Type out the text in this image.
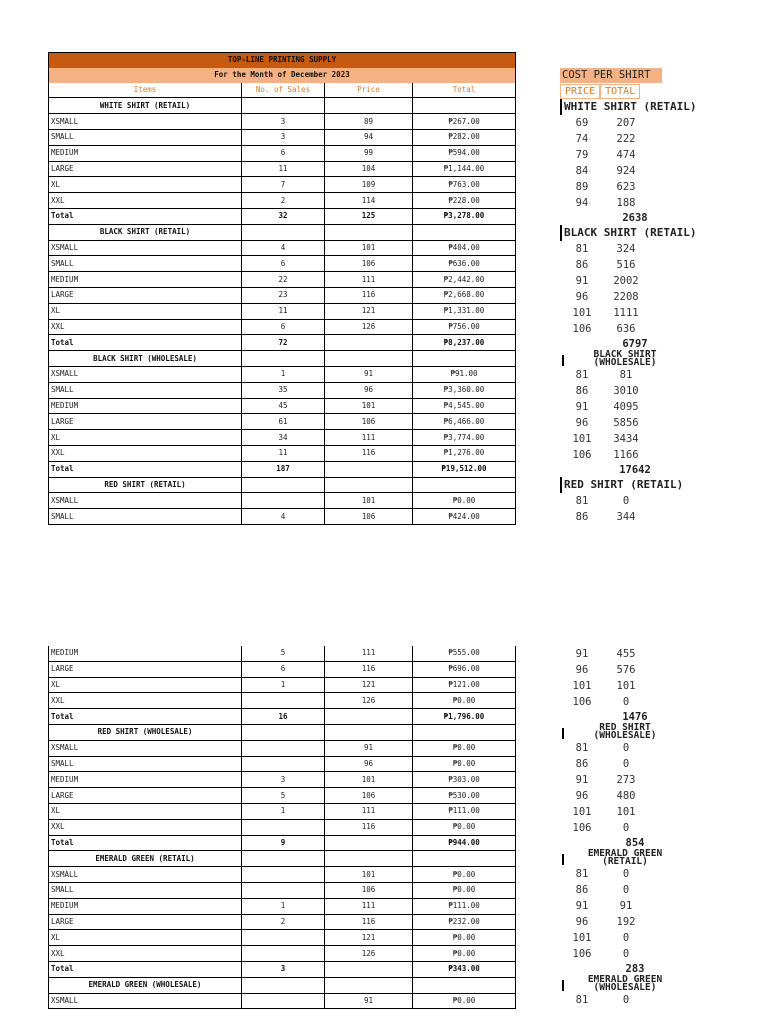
TOP-LINE PRINTING SUPPLY			
For the Month of December 2023			
Items	No. of Sales	Price	Total
WHITE SHIRT (RETAIL)			
XSMALL	3	89	₱267.00
SMALL	3	94	₱282.00
MEDIUM	6	99	₱594.00
LARGE	11	104	₱1,144.00
XL	7	109	₱763.00
XXL	2	114	₱228.00
Total	32	125	₱3,278.00
BLACK SHIRT (RETAIL)			
XSMALL	4	101	₱404.00
SMALL	6	106	₱636.00
MEDIUM	22	111	₱2,442.00
LARGE	23	116	₱2,668.00
XL	11	121	₱1,331.00
XXL	6	126	₱756.00
Total	72		₱8,237.00
BLACK SHIRT (WHOLESALE)			
XSMALL	1	91	₱91.00
SMALL	35	96	₱3,360.00
MEDIUM	45	101	₱4,545.00
LARGE	61	106	₱6,466.00
XL	34	111	₱3,774.00
XXL	11	116	₱1,276.00
Total	187		₱19,512.00
RED SHIRT (RETAIL)			
XSMALL		101	₱0.00
SMALL	4	106	₱424.00
MEDIUM	5	111	₱555.00
LARGE	6	116	₱696.00
XL	1	121	₱121.00
XXL		126	₱0.00
Total	16		₱1,796.00
RED SHIRT (WHOLESALE)			
XSMALL		91	₱0.00
SMALL		96	₱0.00
MEDIUM	3	101	₱303.00
LARGE	5	106	₱530.00
XL	1	111	₱111.00
XXL		116	₱0.00
Total	9		₱944.00
EMERALD GREEN (RETAIL)			
XSMALL		101	₱0.00
SMALL		106	₱0.00
MEDIUM	1	111	₱111.00
LARGE	2	116	₱232.00
XL		121	₱0.00
XXL		126	₱0.00
Total	3		₱343.00
EMERALD GREEN (WHOLESALE)			
XSMALL		91	₱0.00
COST PER SHIRT
PRICE	TOTAL
WHITE SHIRT (RETAIL)
69	207
74	222
79	474
84	924
89	623
94	188
2638
BLACK SHIRT (RETAIL)
81	324
86	516
91	2002
96	2208
101	1111
106	636
6797
BLACK SHIRT
(WHOLESALE)
81	81
86	3010
91	4095
96	5856
101	3434
106	1166
17642
RED SHIRT (RETAIL)
81	0
86	344
91	455
96	576
101	101
106	0
1476
RED SHIRT
(WHOLESALE)
81	0
86	0
91	273
96	480
101	101
106	0
854
EMERALD GREEN
(RETAIL)
81	0
86	0
91	91
96	192
101	0
106	0
283
EMERALD GREEN
(WHOLESALE)
81	0
